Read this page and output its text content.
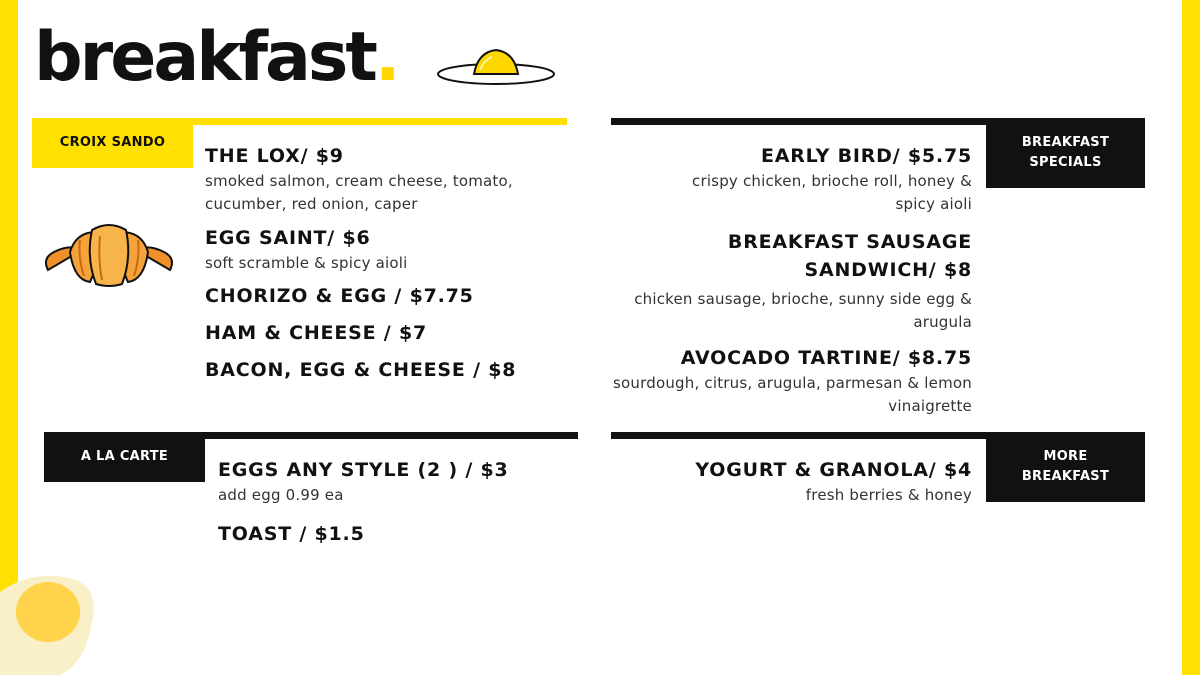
breakfast.
CROIX SANDO
THE LOX/ $9
smoked salmon, cream cheese, tomato, cucumber, red onion, caper
EGG SAINT/ $6
soft scramble & spicy aioli
CHORIZO & EGG / $7.75
HAM & CHEESE / $7
BACON, EGG & CHEESE / $8
BREAKFAST
SPECIALS
EARLY BIRD/ $5.75
crispy chicken, brioche roll, honey & spicy aioli
BREAKFAST SAUSAGE
SANDWICH/ $8
chicken sausage, brioche, sunny side egg & arugula
AVOCADO TARTINE/ $8.75
sourdough, citrus, arugula, parmesan & lemon vinaigrette
A LA CARTE
EGGS ANY STYLE (2 ) / $3
add egg 0.99 ea
TOAST / $1.5
MORE
BREAKFAST
YOGURT & GRANOLA/ $4
fresh berries & honey
